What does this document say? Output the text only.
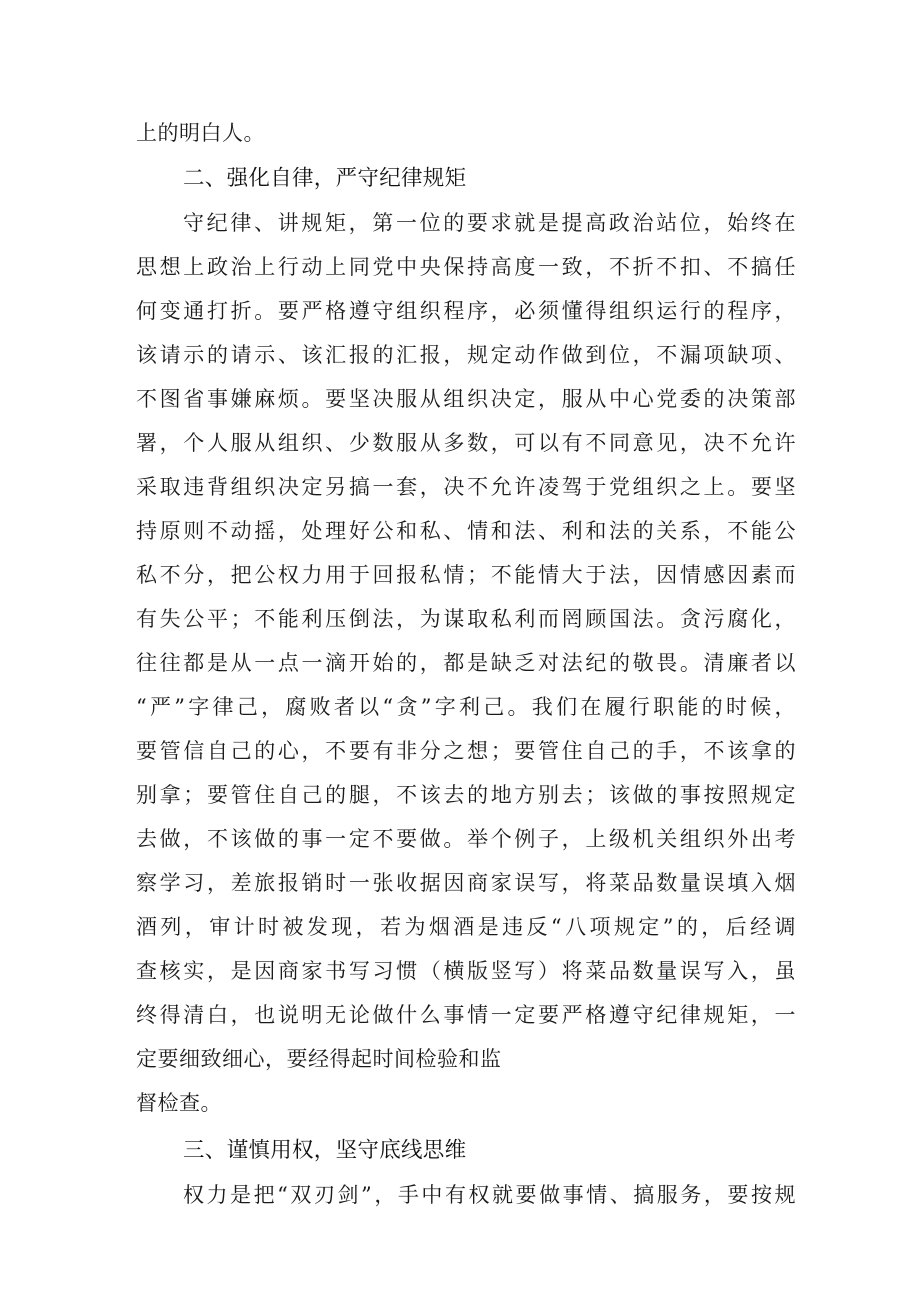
上的明白人。
二、强化自律，严守纪律规矩
守纪律、讲规矩，第一位的要求就是提高政治站位，始终在
思想上政治上行动上同党中央保持高度一致，不折不扣、不搞任
何变通打折。要严格遵守组织程序，必须懂得组织运行的程序，
该请示的请示、该汇报的汇报，规定动作做到位，不漏项缺项、
不图省事嫌麻烦。要坚决服从组织决定，服从中心党委的决策部
署，个人服从组织、少数服从多数，可以有不同意见，决不允许
采取违背组织决定另搞一套，决不允许凌驾于党组织之上。要坚
持原则不动摇，处理好公和私、情和法、利和法的关系，不能公
私不分，把公权力用于回报私情；不能情大于法，因情感因素而
有失公平；不能利压倒法，为谋取私利而罔顾国法。贪污腐化，
往往都是从一点一滴开始的，都是缺乏对法纪的敬畏。清廉者以
“严”字律己，腐败者以“贪”字利己。我们在履行职能的时候，
要管信自己的心，不要有非分之想；要管住自己的手，不该拿的
别拿；要管住自己的腿，不该去的地方别去；该做的事按照规定
去做，不该做的事一定不要做。举个例子，上级机关组织外出考
察学习，差旅报销时一张收据因商家误写，将菜品数量误填入烟
酒列，审计时被发现，若为烟酒是违反“八项规定”的，后经调
查核实，是因商家书写习惯（横版竖写）将菜品数量误写入，虽
终得清白，也说明无论做什么事情一定要严格遵守纪律规矩，一
定要细致细心，要经得起时间检验和监
督检查。
三、谨慎用权，坚守底线思维
权力是把“双刃剑”，手中有权就要做事情、搞服务，要按规
